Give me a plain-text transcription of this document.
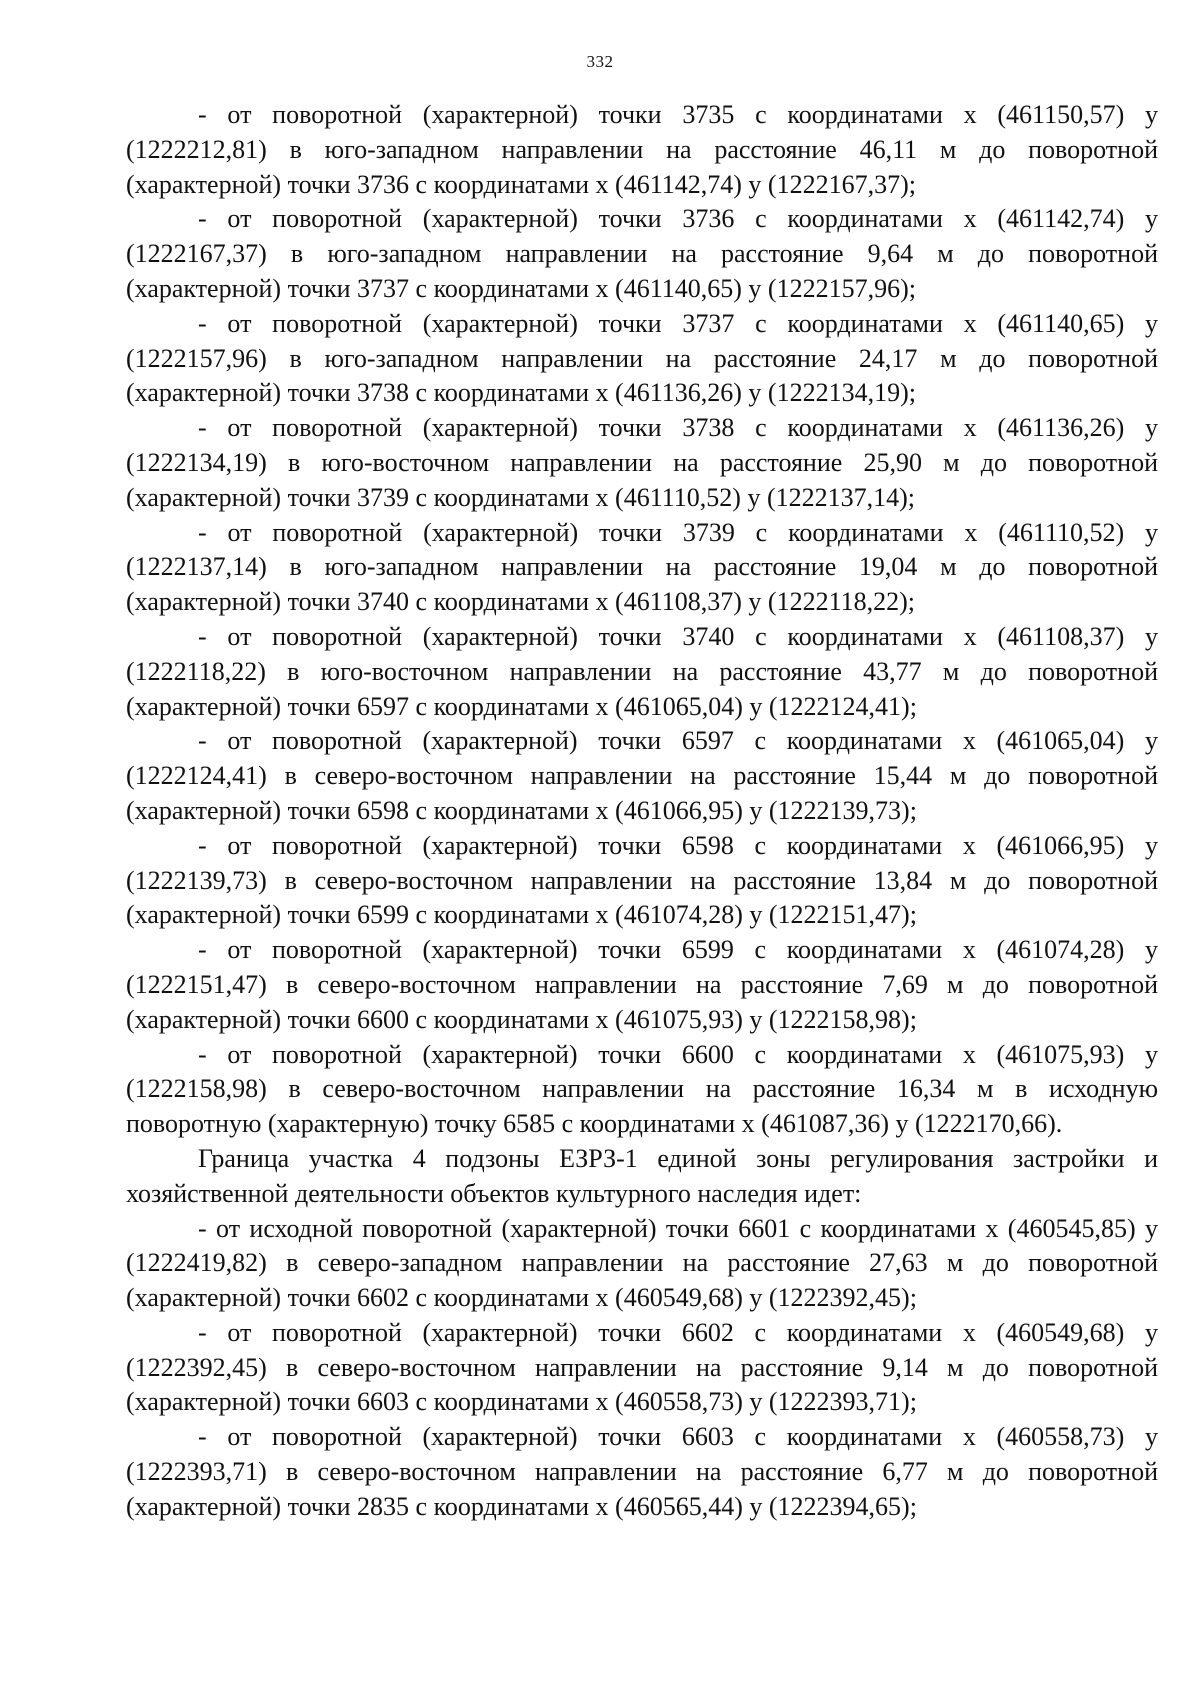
332

- от поворотной (характерной) точки 3735 с координатами х (461150,57) у (1222212,81) в юго-западном направлении на расстояние 46,11 м до поворотной (характерной) точки 3736 с координатами х (461142,74) у (1222167,37);

- от поворотной (характерной) точки 3736 с координатами х (461142,74) у (1222167,37) в юго-западном направлении на расстояние 9,64 м до поворотной (характерной) точки 3737 с координатами х (461140,65) у (1222157,96);

- от поворотной (характерной) точки 3737 с координатами х (461140,65) у (1222157,96) в юго-западном направлении на расстояние 24,17 м до поворотной (характерной) точки 3738 с координатами х (461136,26) у (1222134,19);

- от поворотной (характерной) точки 3738 с координатами х (461136,26) у (1222134,19) в юго-восточном направлении на расстояние 25,90 м до поворотной (характерной) точки 3739 с координатами х (461110,52) у (1222137,14);

- от поворотной (характерной) точки 3739 с координатами х (461110,52) у (1222137,14) в юго-западном направлении на расстояние 19,04 м до поворотной (характерной) точки 3740 с координатами х (461108,37) у (1222118,22);

- от поворотной (характерной) точки 3740 с координатами х (461108,37) у (1222118,22) в юго-восточном направлении на расстояние 43,77 м до поворотной (характерной) точки 6597 с координатами х (461065,04) у (1222124,41);

- от поворотной (характерной) точки 6597 с координатами х (461065,04) у (1222124,41) в северо-восточном направлении на расстояние 15,44 м до поворотной (характерной) точки 6598 с координатами х (461066,95) у (1222139,73);

- от поворотной (характерной) точки 6598 с координатами х (461066,95) у (1222139,73) в северо-восточном направлении на расстояние 13,84 м до поворотной (характерной) точки 6599 с координатами х (461074,28) у (1222151,47);

- от поворотной (характерной) точки 6599 с координатами х (461074,28) у (1222151,47) в северо-восточном направлении на расстояние 7,69 м до поворотной (характерной) точки 6600 с координатами х (461075,93) у (1222158,98);

- от поворотной (характерной) точки 6600 с координатами х (461075,93) у (1222158,98) в северо-восточном направлении на расстояние 16,34 м в исходную поворотную (характерную) точку 6585 с координатами х (461087,36) у (1222170,66).

Граница участка 4 подзоны ЕЗРЗ-1 единой зоны регулирования застройки и хозяйственной деятельности объектов культурного наследия идет:

- от исходной поворотной (характерной) точки 6601 с координатами х (460545,85) у (1222419,82) в северо-западном направлении на расстояние 27,63 м до поворотной (характерной) точки 6602 с координатами х (460549,68) у (1222392,45);

- от поворотной (характерной) точки 6602 с координатами х (460549,68) у (1222392,45) в северо-восточном направлении на расстояние 9,14 м до поворотной (характерной) точки 6603 с координатами х (460558,73) у (1222393,71);

- от поворотной (характерной) точки 6603 с координатами х (460558,73) у (1222393,71) в северо-восточном направлении на расстояние 6,77 м до поворотной (характерной) точки 2835 с координатами х (460565,44) у (1222394,65);
